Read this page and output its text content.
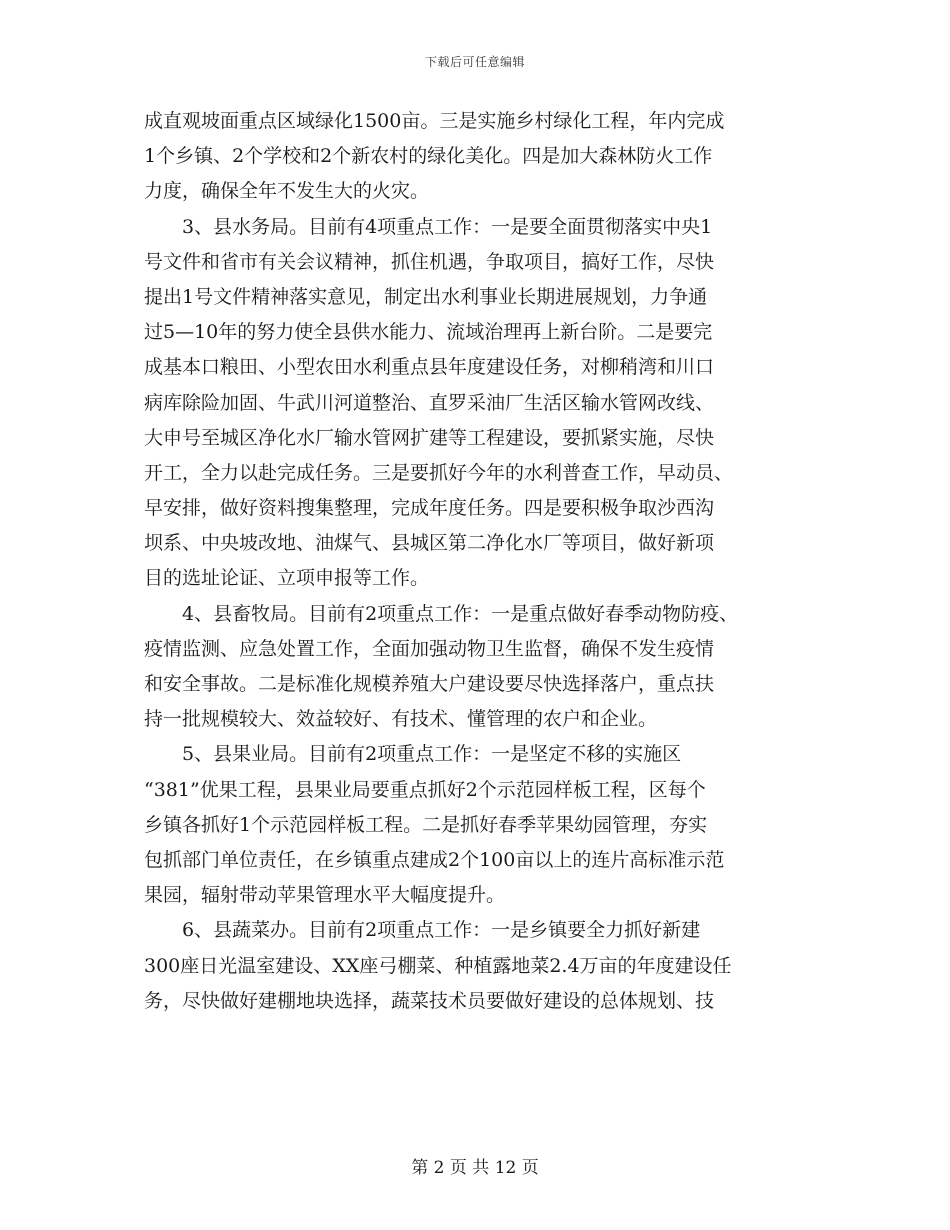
下载后可任意编辑
成直观坡面重点区域绿化1500亩。三是实施乡村绿化工程，年内完成
1个乡镇、2个学校和2个新农村的绿化美化。四是加大森林防火工作
力度，确保全年不发生大的火灾。
3、县水务局。目前有4项重点工作：一是要全面贯彻落实中央1
号文件和省市有关会议精神，抓住机遇，争取项目，搞好工作，尽快
提出1号文件精神落实意见，制定出水利事业长期进展规划，力争通
过5—10年的努力使全县供水能力、流域治理再上新台阶。二是要完
成基本口粮田、小型农田水利重点县年度建设任务，对柳稍湾和川口
病库除险加固、牛武川河道整治、直罗采油厂生活区输水管网改线、
大申号至城区净化水厂输水管网扩建等工程建设，要抓紧实施，尽快
开工，全力以赴完成任务。三是要抓好今年的水利普查工作，早动员、
早安排，做好资料搜集整理，完成年度任务。四是要积极争取沙西沟
坝系、中央坡改地、油煤气、县城区第二净化水厂等项目，做好新项
目的选址论证、立项申报等工作。
4、县畜牧局。目前有2项重点工作：一是重点做好春季动物防疫、
疫情监测、应急处置工作，全面加强动物卫生监督，确保不发生疫情
和安全事故。二是标准化规模养殖大户建设要尽快选择落户，重点扶
持一批规模较大、效益较好、有技术、懂管理的农户和企业。
5、县果业局。目前有2项重点工作：一是坚定不移的实施区
“381”优果工程，县果业局要重点抓好2个示范园样板工程，区每个
乡镇各抓好1个示范园样板工程。二是抓好春季苹果幼园管理，夯实
包抓部门单位责任，在乡镇重点建成2个100亩以上的连片高标准示范
果园，辐射带动苹果管理水平大幅度提升。
6、县蔬菜办。目前有2项重点工作：一是乡镇要全力抓好新建
300座日光温室建设、XX座弓棚菜、种植露地菜2.4万亩的年度建设任
务，尽快做好建棚地块选择，蔬菜技术员要做好建设的总体规划、技
第 2 页 共 12 页
